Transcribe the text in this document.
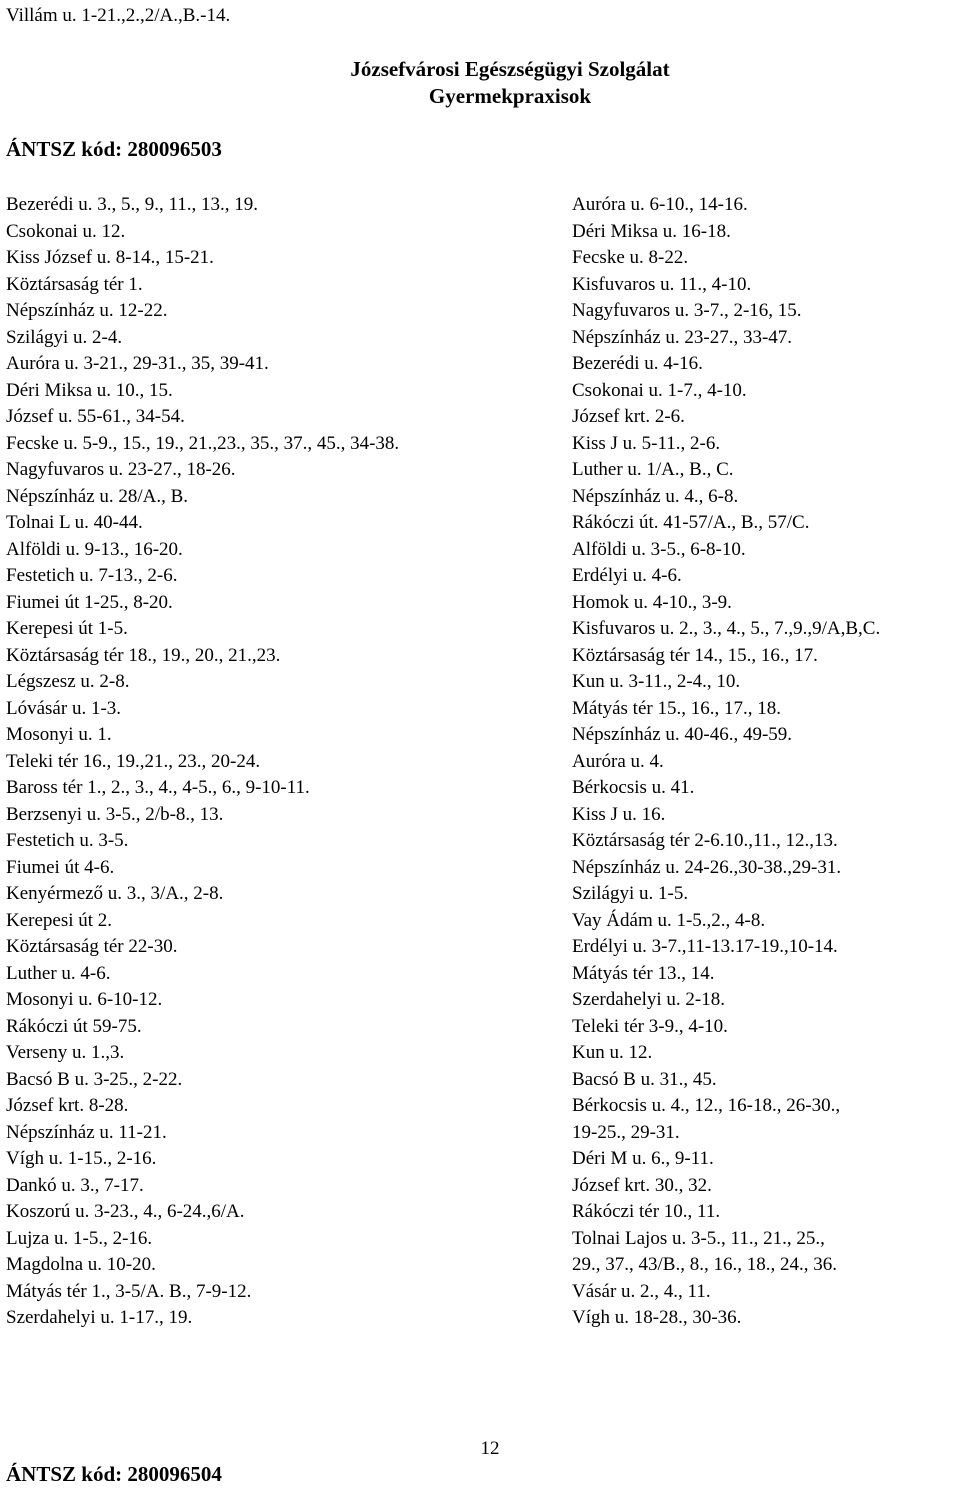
Villám u. 1-21.,2.,2/A.,B.-14.
Józsefvárosi Egészségügyi Szolgálat
Gyermekpraxisok
ÁNTSZ kód: 280096503
Bezerédi u. 3., 5., 9., 11., 13., 19.
Csokonai u. 12.
Kiss József u. 8-14., 15-21.
Köztársaság tér 1.
Népszínház u. 12-22.
Szilágyi u. 2-4.
Auróra u. 3-21., 29-31., 35, 39-41.
Déri Miksa u. 10., 15.
József u. 55-61., 34-54.
Fecske u. 5-9., 15., 19., 21.,23., 35., 37., 45., 34-38.
Nagyfuvaros u. 23-27., 18-26.
Népszínház u. 28/A., B.
Tolnai L u. 40-44.
Alföldi u. 9-13., 16-20.
Festetich u. 7-13., 2-6.
Fiumei út 1-25., 8-20.
Kerepesi út 1-5.
Köztársaság tér 18., 19., 20., 21.,23.
Légszesz u. 2-8.
Lóvásár u. 1-3.
Mosonyi u. 1.
Teleki tér 16., 19.,21., 23., 20-24.
Baross tér 1., 2., 3., 4., 4-5., 6., 9-10-11.
Berzsenyi u. 3-5., 2/b-8., 13.
Festetich u. 3-5.
Fiumei út 4-6.
Kenyérmező u. 3., 3/A., 2-8.
Kerepesi út 2.
Köztársaság tér 22-30.
Luther u. 4-6.
Mosonyi u. 6-10-12.
Rákóczi út 59-75.
Verseny u. 1.,3.
Bacsó B u. 3-25., 2-22.
József krt. 8-28.
Népszínház u. 11-21.
Vígh u. 1-15., 2-16.
Dankó u. 3., 7-17.
Koszorú u. 3-23., 4., 6-24.,6/A.
Lujza u. 1-5., 2-16.
Magdolna u. 10-20.
Mátyás tér 1., 3-5/A. B., 7-9-12.
Szerdahelyi u. 1-17., 19.
Auróra u. 6-10., 14-16.
Déri Miksa u. 16-18.
Fecske u. 8-22.
Kisfuvaros u. 11., 4-10.
Nagyfuvaros u. 3-7., 2-16, 15.
Népszínház u. 23-27., 33-47.
Bezerédi u. 4-16.
Csokonai u. 1-7., 4-10.
József krt. 2-6.
Kiss J u. 5-11., 2-6.
Luther u. 1/A., B., C.
Népszínház u. 4., 6-8.
Rákóczi út. 41-57/A., B., 57/C.
Alföldi u. 3-5., 6-8-10.
Erdélyi u. 4-6.
Homok u. 4-10., 3-9.
Kisfuvaros u. 2., 3., 4., 5., 7.,9.,9/A,B,C.
Köztársaság tér 14., 15., 16., 17.
Kun u. 3-11., 2-4., 10.
Mátyás tér 15., 16., 17., 18.
Népszínház u. 40-46., 49-59.
Auróra u. 4.
Bérkocsis u. 41.
Kiss J u. 16.
Köztársaság tér 2-6.10.,11., 12.,13.
Népszínház u. 24-26.,30-38.,29-31.
Szilágyi u. 1-5.
Vay Ádám u. 1-5.,2., 4-8.
Erdélyi u. 3-7.,11-13.17-19.,10-14.
Mátyás tér 13., 14.
Szerdahelyi u. 2-18.
Teleki tér 3-9., 4-10.
Kun u. 12.
Bacsó B u. 31., 45.
Bérkocsis u. 4., 12., 16-18., 26-30.,
19-25., 29-31.
Déri M u. 6., 9-11.
József krt. 30., 32.
Rákóczi tér 10., 11.
Tolnai Lajos u. 3-5., 11., 21., 25.,
29., 37., 43/B., 8., 16., 18., 24., 36.
Vásár u. 2., 4., 11.
Vígh u. 18-28., 30-36.
12
ÁNTSZ kód: 280096504
